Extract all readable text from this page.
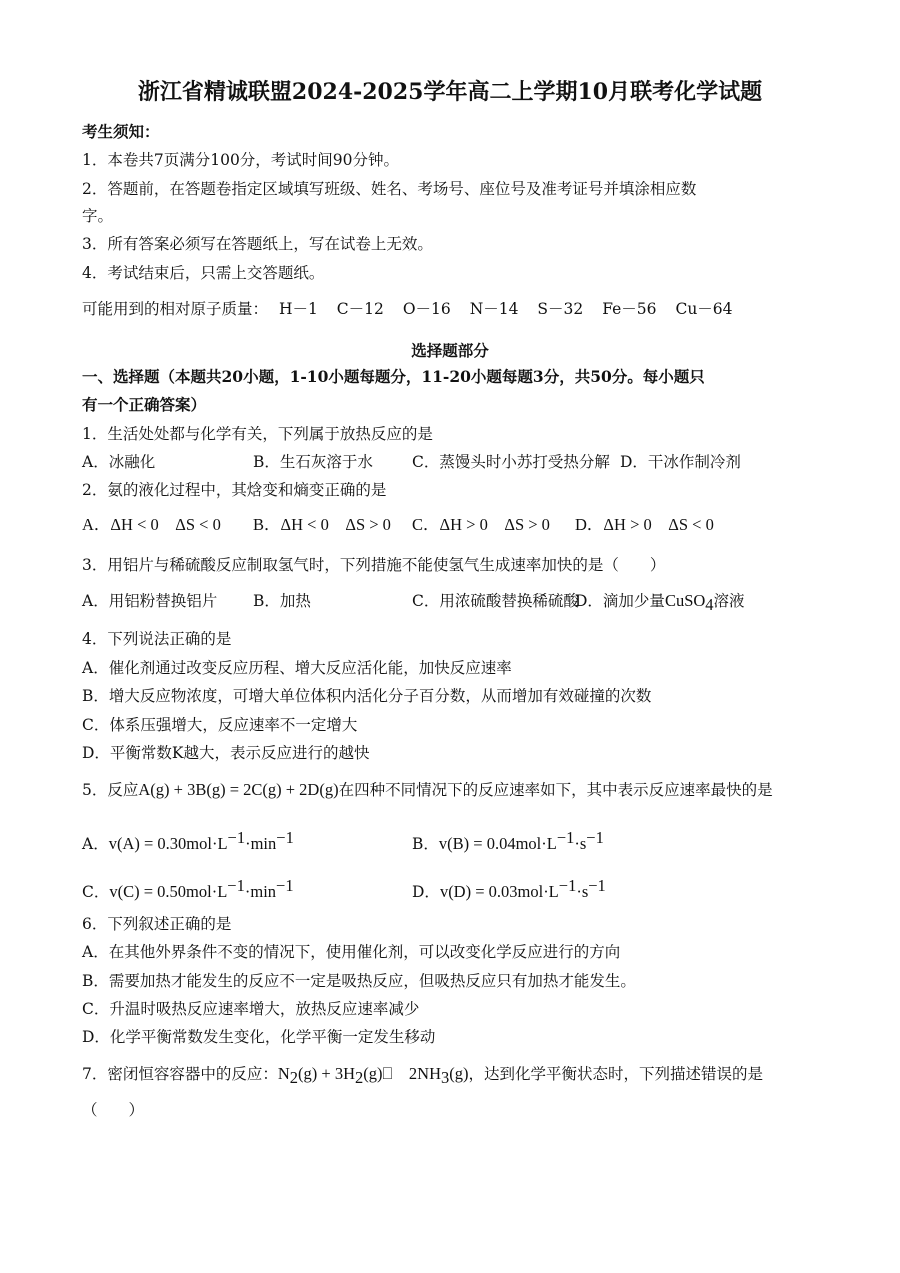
浙江省精诚联盟2024-2025学年高二上学期10月联考化学试题
考生须知：
1．本卷共7页满分100分，考试时间90分钟。
2．答题前，在答题卷指定区域填写班级、姓名、考场号、座位号及准考证号并填涂相应数
字。
3．所有答案必须写在答题纸上，写在试卷上无效。
4．考试结束后，只需上交答题纸。
可能用到的相对原子质量： H－1 C－12 O－16 N－14 S－32 Fe－56 Cu－64
选择题部分
一、选择题（本题共20小题，1-10小题每题分，11-20小题每题3分，共50分。每小题只
有一个正确答案）
1．生活处处都与化学有关，下列属于放热反应的是
A．冰融化	B．生石灰溶于水	C．蒸馒头时小苏打受热分解 D．干冰作制冷剂
2．氨的液化过程中，其焓变和熵变正确的是
A．ΔH < 0　ΔS < 0 B．ΔH < 0　ΔS > 0 C．ΔH > 0　ΔS > 0 D．ΔH > 0　ΔS < 0
3．用铝片与稀硫酸反应制取氢气时，下列措施不能使氢气生成速率加快的是（　　）
A．用铝粉替换铝片 B．加热	C．用浓硫酸替换稀硫酸
D．滴加少量CuSO$_4$溶液
4．下列说法正确的是
A．催化剂通过改变反应历程、增大反应活化能，加快反应速率
B．增大反应物浓度，可增大单位体积内活化分子百分数，从而增加有效碰撞的次数
C．体系压强增大，反应速率不一定增大
D．平衡常数K越大，表示反应进行的越快
5．反应A(g) + 3B(g) = 2C(g) + 2D(g)在四种不同情况下的反应速率如下，其中表示反应速率最快的是
A．$v(A) = 0.30mol\cdot L^{-1}\cdot\min^{-1}$	B．$v(B) = 0.04mol\cdot L^{-1}\cdot s^{-1}$
C．$v(C) = 0.50mol\cdot L^{-1}\cdot\min^{-1}$	D．$v(D) = 0.03mol\cdot L^{-1}\cdot s^{-1}$
6．下列叙述正确的是
A．在其他外界条件不变的情况下，使用催化剂，可以改变化学反应进行的方向
B．需要加热才能发生的反应不一定是吸热反应，但吸热反应只有加热才能发生。
C．升温时吸热反应速率增大，放热反应速率减少
D．化学平衡常数发生变化，化学平衡一定发生移动
7．密闭恒容容器中的反应：$N_2(g)$ + $3H_2(g)⎕$　$2NH_3(g)$，达到化学平衡状态时，下列描述错误的是
（　　）
